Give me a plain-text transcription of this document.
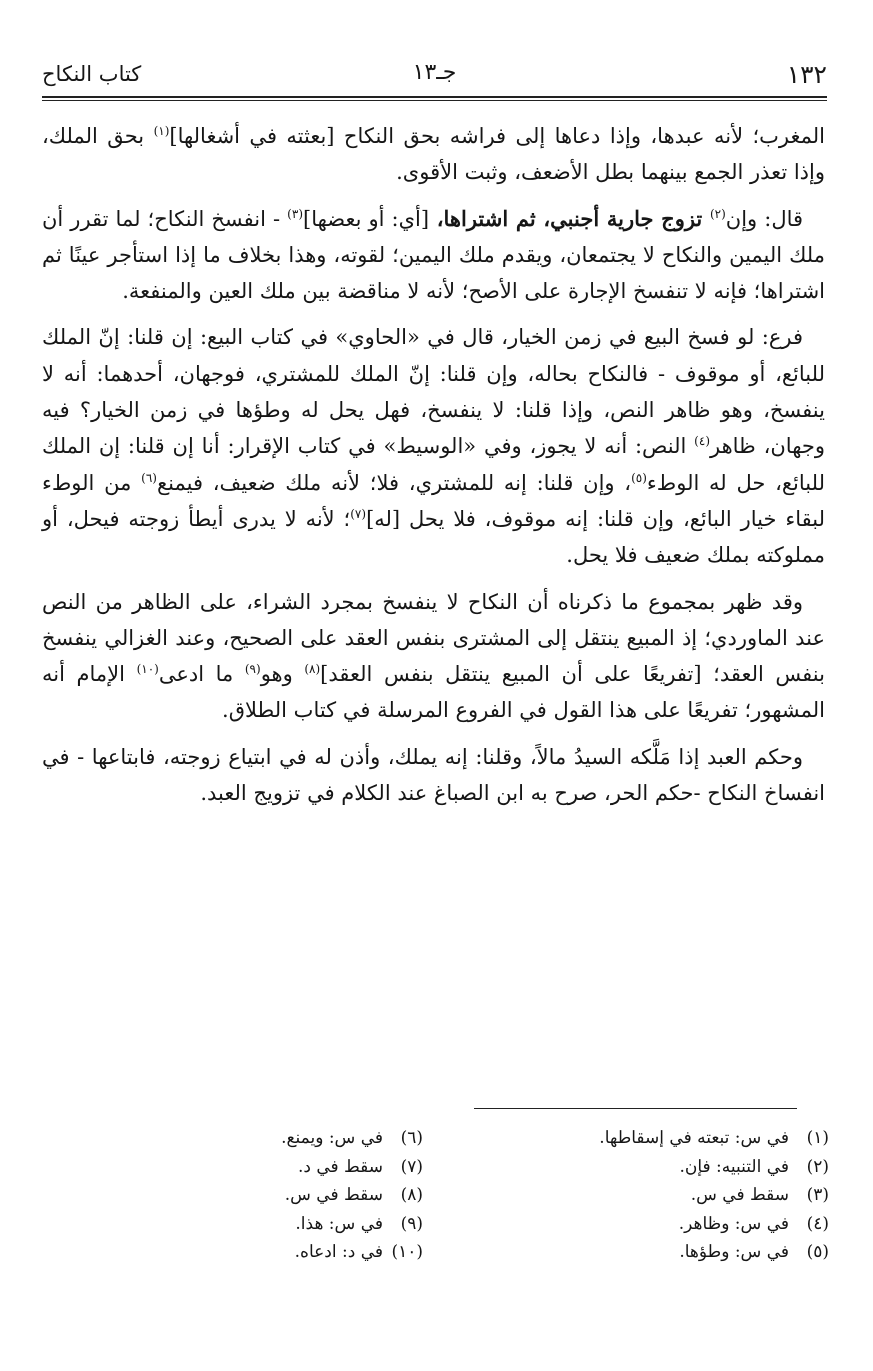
١٣٢
جـ١٣
كتاب النكاح

المغرب؛ لأنه عبدها، وإذا دعاها إلى فراشه بحق النكاح [بعثته في أشغالها]$^{(١)}$ بحق الملك، وإذا تعذر الجمع بينهما بطل الأضعف، وثبت الأقوى.

قال: وإن$^{(٢)}$ تزوج جارية أجنبي، ثم اشتراها، [أي: أو بعضها]$^{(٣)}$ - انفسخ النكاح؛ لما تقرر أن ملك اليمين والنكاح لا يجتمعان، ويقدم ملك اليمين؛ لقوته، وهذا بخلاف ما إذا استأجر عينًا ثم اشتراها؛ فإنه لا تنفسخ الإجارة على الأصح؛ لأنه لا مناقضة بين ملك العين والمنفعة.

فرع: لو فسخ البيع في زمن الخيار، قال في «الحاوي» في كتاب البيع: إن قلنا: إنّ الملك للبائع، أو موقوف - فالنكاح بحاله، وإن قلنا: إنّ الملك للمشتري، فوجهان، أحدهما: أنه لا ينفسخ، وهو ظاهر النص، وإذا قلنا: لا ينفسخ، فهل يحل له وطؤها في زمن الخيار؟ فيه وجهان، ظاهر$^{(٤)}$ النص: أنه لا يجوز، وفي «الوسيط» في كتاب الإقرار: أنا إن قلنا: إن الملك للبائع، حل له الوطء$^{(٥)}$، وإن قلنا: إنه للمشتري، فلا؛ لأنه ملك ضعيف، فيمنع$^{(٦)}$ من الوطء لبقاء خيار البائع، وإن قلنا: إنه موقوف، فلا يحل [له]$^{(٧)}$؛ لأنه لا يدرى أيطأ زوجته فيحل، أو مملوكته بملك ضعيف فلا يحل.

وقد ظهر بمجموع ما ذكرناه أن النكاح لا ينفسخ بمجرد الشراء، على الظاهر من النص عند الماوردي؛ إذ المبيع ينتقل إلى المشترى بنفس العقد على الصحيح، وعند الغزالي ينفسخ بنفس العقد؛ [تفريعًا على أن المبيع ينتقل بنفس العقد]$^{(٨)}$ وهو$^{(٩)}$ ما ادعى$^{(١٠)}$ الإمام أنه المشهور؛ تفريعًا على هذا القول في الفروع المرسلة في كتاب الطلاق.

وحكم العبد إذا مَلَّكه السيدُ مالاً، وقلنا: إنه يملك، وأذن له في ابتياع زوجته، فابتاعها - في انفساخ النكاح -حكم الحر، صرح به ابن الصباغ عند الكلام في تزويج العبد.

(١)في س: تبعته في إسقاطها.
(٢)في التنبيه: فإن.
(٣)سقط في س.
(٤)في س: وظاهر.
(٥)في س: وطؤها.
(٦)في س: ويمنع.
(٧)سقط في د.
(٨)سقط في س.
(٩)في س: هذا.
(١٠)في د: ادعاه.
